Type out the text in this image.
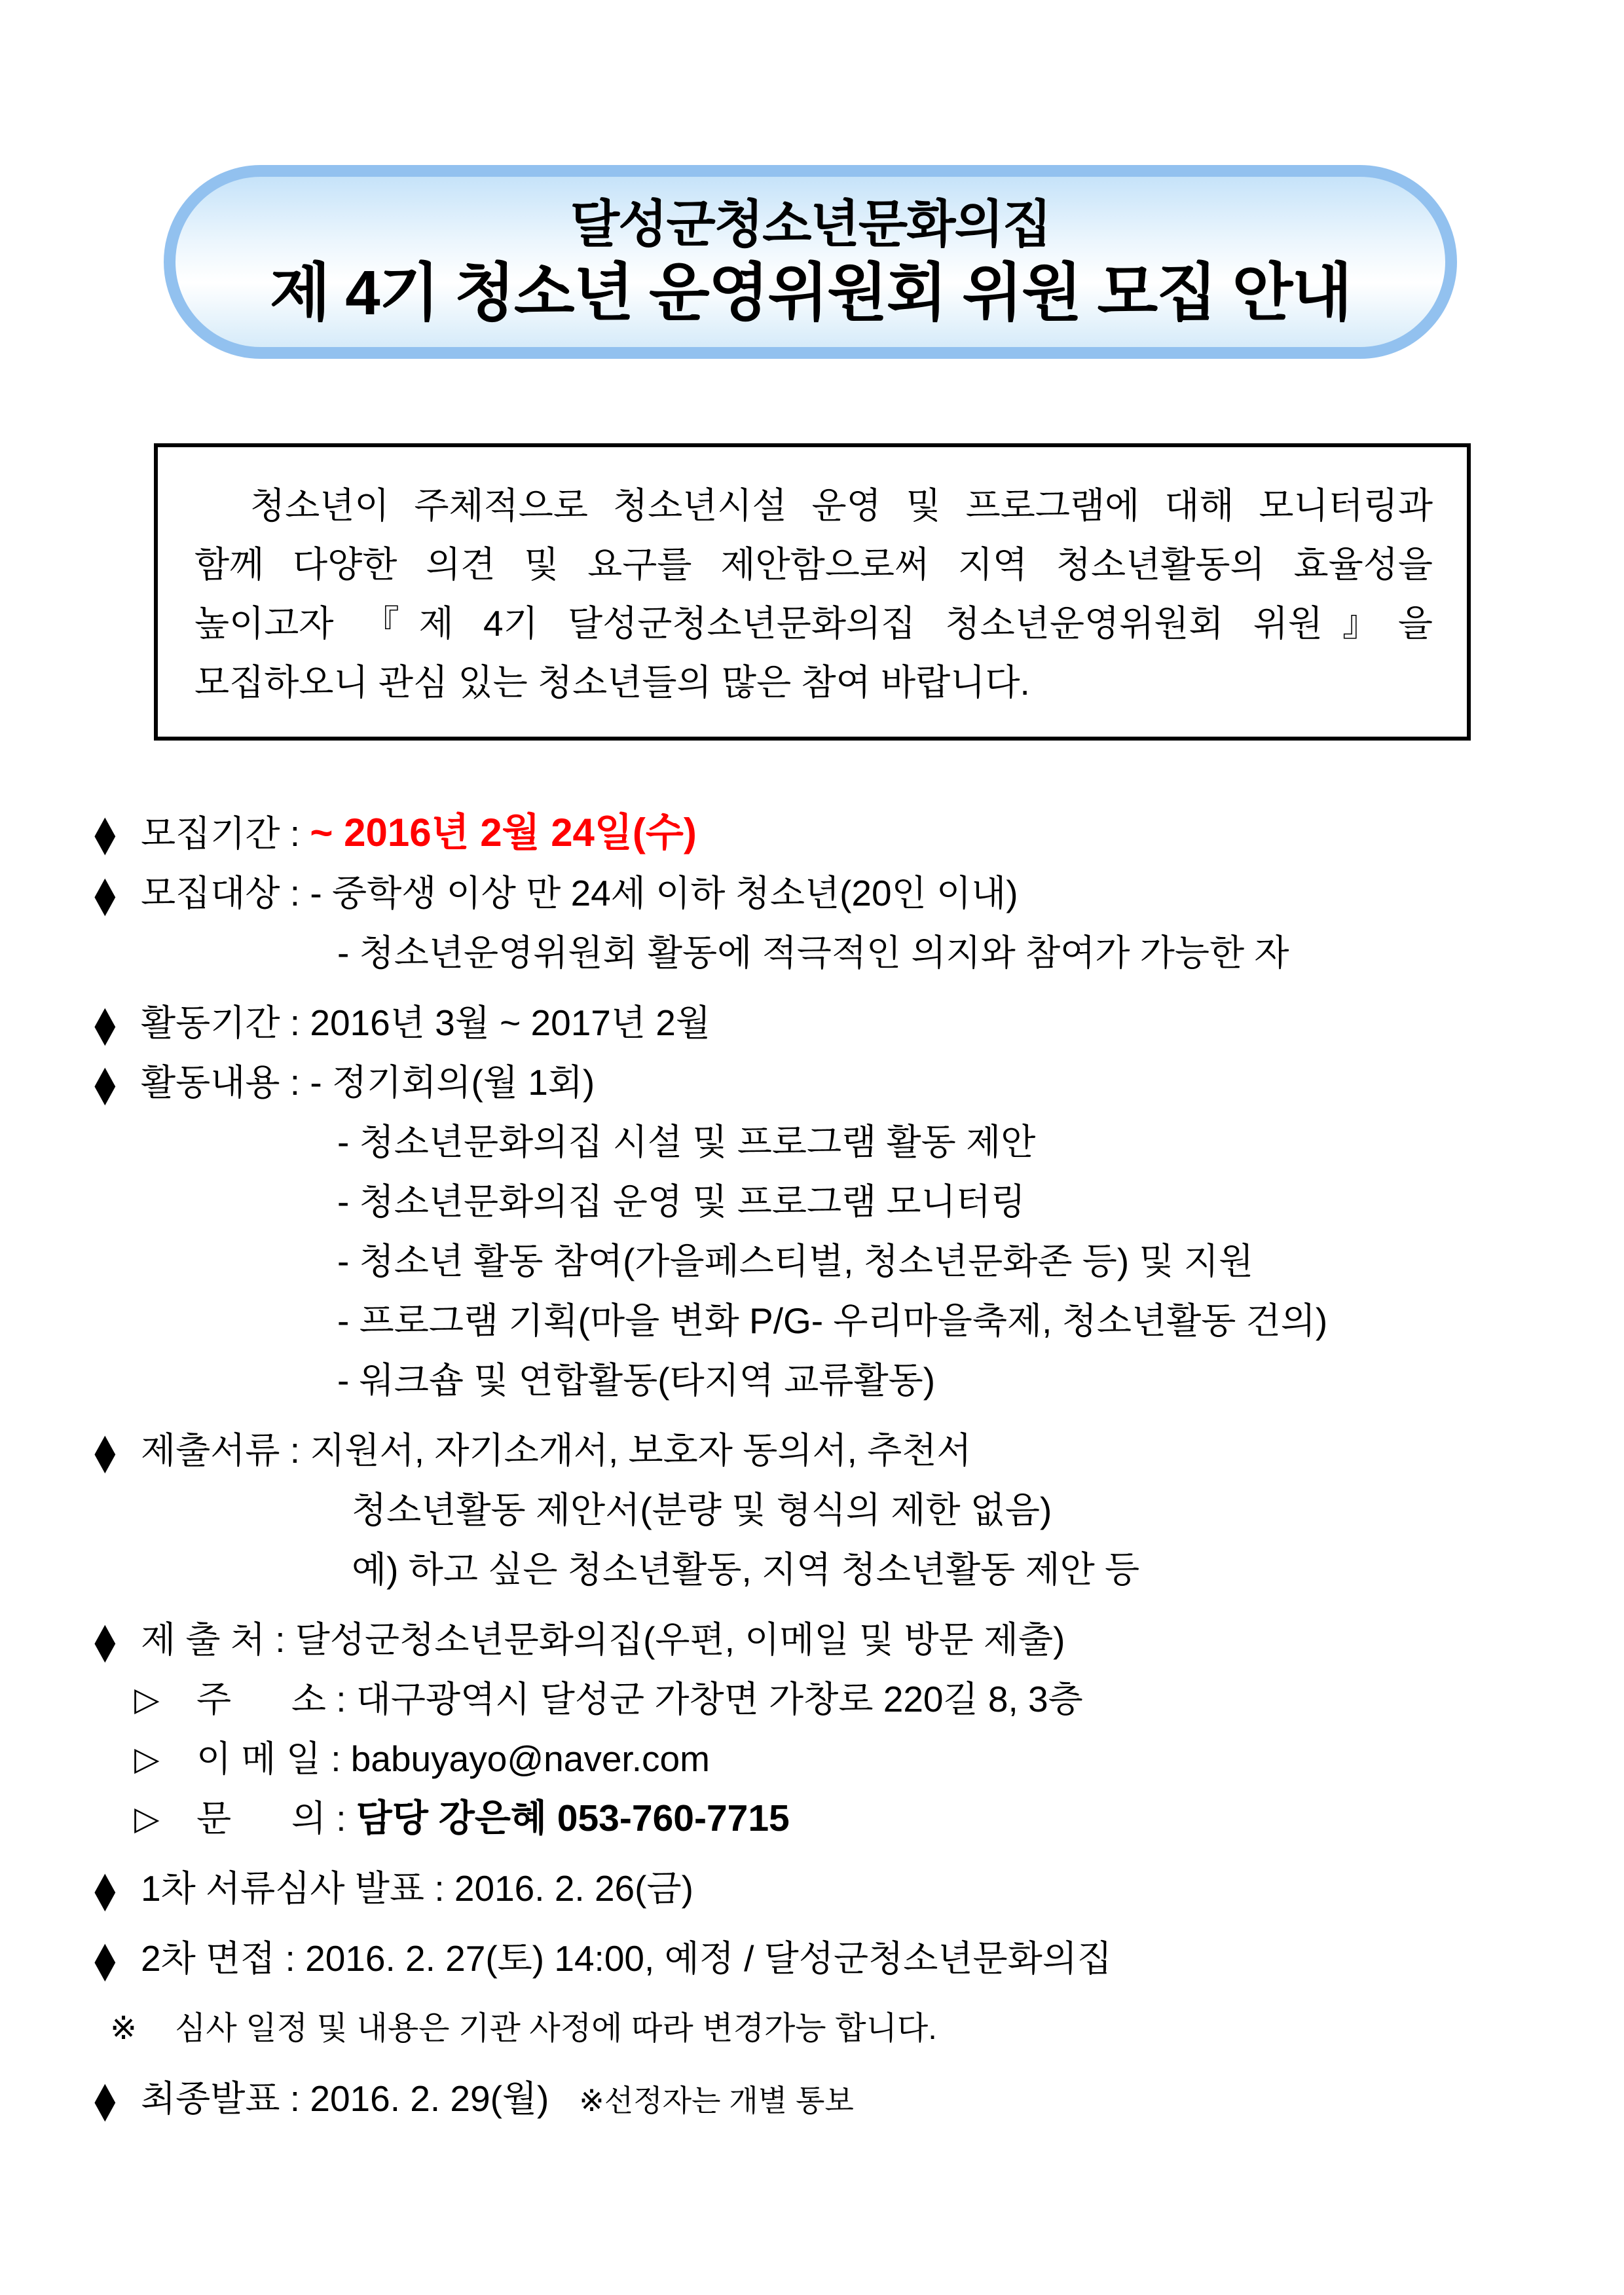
달성군청소년문화의집
제 4기 청소년 운영위원회 위원 모집 안내
청소년이 주체적으로 청소년시설 운영 및 프로그램에 대해 모니터링과
함께 다양한 의견 및 요구를 제안함으로써 지역 청소년활동의 효율성을
높이고자 『제 4기 달성군청소년문화의집 청소년운영위원회 위원』을
모집하오니 관심 있는 청소년들의 많은 참여 바랍니다.
◆ 모집기간 : ~ 2016년 2월 24일(수)
◆ 모집대상 : - 중학생 이상 만 24세 이하 청소년(20인 이내)
- 청소년운영위원회 활동에 적극적인 의지와 참여가 가능한 자
◆ 활동기간 : 2016년 3월 ~ 2017년 2월
◆ 활동내용 : - 정기회의(월 1회)
- 청소년문화의집 시설 및 프로그램 활동 제안
- 청소년문화의집 운영 및 프로그램 모니터링
- 청소년 활동 참여(가을페스티벌, 청소년문화존 등) 및 지원
- 프로그램 기획(마을 변화 P/G- 우리마을축제, 청소년활동 건의)
- 워크숍 및 연합활동(타지역 교류활동)
◆ 제출서류 : 지원서, 자기소개서, 보호자 동의서, 추천서
청소년활동 제안서(분량 및 형식의 제한 없음)
예) 하고 싶은 청소년활동, 지역 청소년활동 제안 등
◆ 제 출 처 : 달성군청소년문화의집(우편, 이메일 및 방문 제출)
▷ 주      소 : 대구광역시 달성군 가창면 가창로 220길 8, 3층
▷ 이 메 일 : babuyayo@naver.com
▷ 문      의 : 담당 강은혜 053-760-7715
◆ 1차 서류심사 발표 : 2016. 2. 26(금)
◆ 2차 면접 : 2016. 2. 27(토) 14:00, 예정 / 달성군청소년문화의집
※ 심사 일정 및 내용은 기관 사정에 따라 변경가능 합니다.
◆ 최종발표 : 2016. 2. 29(월)   ※선정자는 개별 통보
